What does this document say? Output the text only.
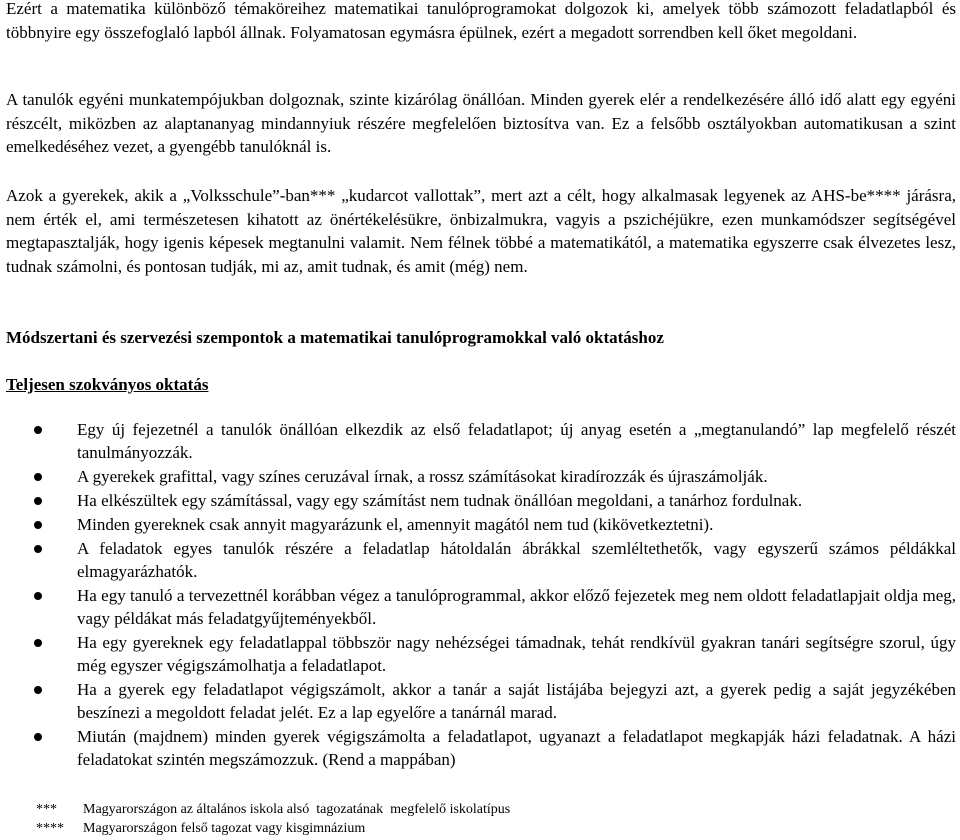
Ezért a matematika különböző témaköreihez matematikai tanulóprogramokat dolgozok ki, amelyek több számozott feladatlapból és többnyire egy összefoglaló lapból állnak. Folyamatosan egymásra épülnek, ezért a megadott sorrendben kell őket megoldani.

A tanulók egyéni munkatempójukban dolgoznak, szinte kizárólag önállóan. Minden gyerek elér a rendelkezésére álló idő alatt egy egyéni részcélt, miközben az alaptananyag mindannyiuk részére megfelelően biztosítva van. Ez a felsőbb osztályokban automatikusan a szint emelkedéséhez vezet, a gyengébb tanulóknál is.

Azok a gyerekek, akik a „Volksschule”-ban*** „kudarcot vallottak”, mert azt a célt, hogy alkalmasak legyenek az AHS-be**** járásra, nem érték el, ami természetesen kihatott az önértékelésükre, önbizalmukra, vagyis a pszichéjükre, ezen munkamódszer segítségével megtapasztalják, hogy igenis képesek megtanulni valamit. Nem félnek többé a matematikától, a matematika egyszerre csak élvezetes lesz, tudnak számolni, és pontosan tudják, mi az, amit tudnak, és amit (még) nem.

Módszertani és szervezési szempontok a matematikai tanulóprogramokkal való oktatáshoz
Teljesen szokványos oktatás
Egy új fejezetnél a tanulók önállóan elkezdik az első feladatlapot; új anyag esetén a „megtanulandó” lap megfelelő részét tanulmányozzák.
A gyerekek grafittal, vagy színes ceruzával írnak, a rossz számításokat kiradírozzák és újraszámolják.
Ha elkészültek egy számítással, vagy egy számítást nem tudnak önállóan megoldani, a tanárhoz fordulnak.
Minden gyereknek csak annyit magyarázunk el, amennyit magától nem tud (kikövetkeztetni).
A feladatok egyes tanulók részére a feladatlap hátoldalán ábrákkal szemléltethetők, vagy egyszerű számos példákkal elmagyarázhatók.
Ha egy tanuló a tervezettnél korábban végez a tanulóprogrammal, akkor előző fejezetek meg nem oldott feladatlapjait oldja meg, vagy példákat más feladatgyűjteményekből.
Ha egy gyereknek egy feladatlappal többször nagy nehézségei támadnak, tehát rendkívül gyakran tanári segítségre szorul, úgy még egyszer végigszámolhatja a feladatlapot.
Ha a gyerek egy feladatlapot végigszámolt, akkor a tanár a saját listájába bejegyzi azt, a gyerek pedig a saját jegyzékében beszínezi a megoldott feladat jelét. Ez a lap egyelőre a tanárnál marad.
Miután (majdnem) minden gyerek végigszámolta a feladatlapot, ugyanazt a feladatlapot megkapják házi feladatnak. A házi feladatokat szintén megszámozzuk. (Rend a mappában)
***	Magyarországon az általános iskola alsó  tagozatának  megfelelő iskolatípus
****	Magyarországon felső tagozat vagy kisgimnázium
